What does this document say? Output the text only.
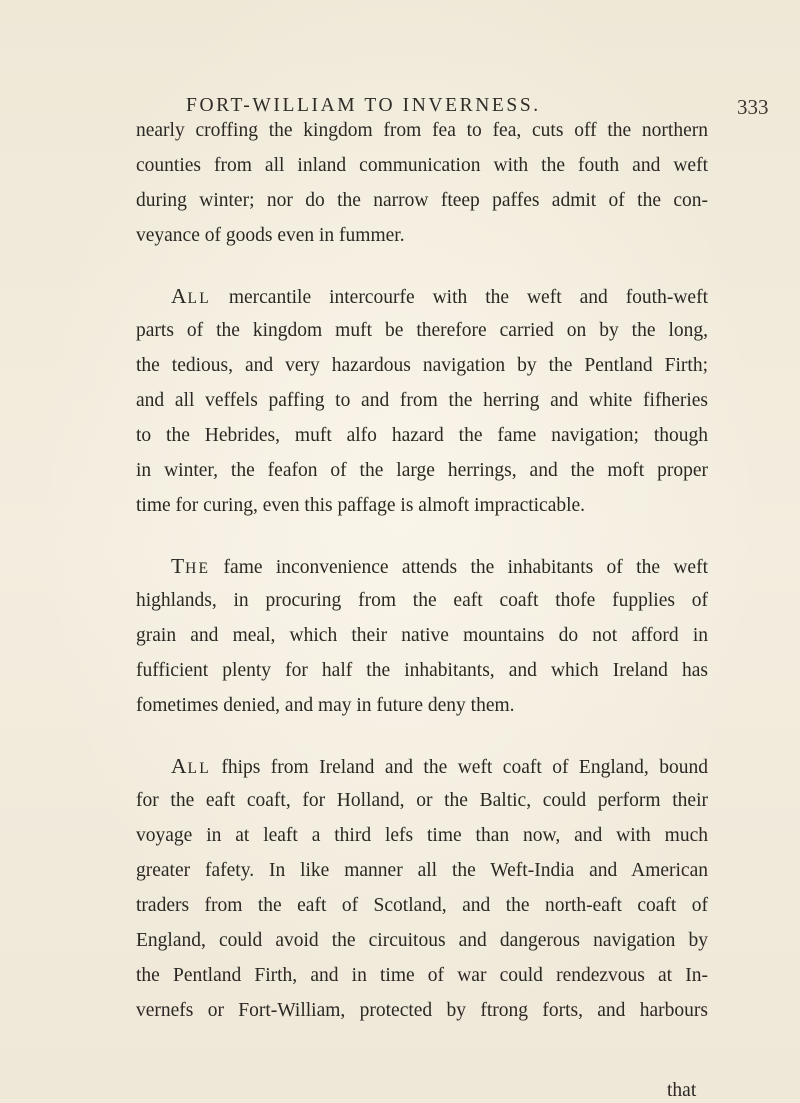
FORT-WILLIAM TO INVERNESS.	333
nearly croffing the kingdom from fea to fea, cuts off the northern
counties from all inland communication with the fouth and weft
during winter; nor do the narrow fteep paffes admit of the con-
veyance of goods even in fummer.
ALL mercantile intercourfe with the weft and fouth-weft
parts of the kingdom muft be therefore carried on by the long,
the tedious, and very hazardous navigation by the Pentland Firth;
and all veffels paffing to and from the herring and white fifheries
to the Hebrides, muft alfo hazard the fame navigation; though
in winter, the feafon of the large herrings, and the moft proper
time for curing, even this paffage is almoft impracticable.
THE fame inconvenience attends the inhabitants of the weft
highlands, in procuring from the eaft coaft thofe fupplies of
grain and meal, which their native mountains do not afford in
fufficient plenty for half the inhabitants, and which Ireland has
fometimes denied, and may in future deny them.
ALL fhips from Ireland and the weft coaft of England, bound
for the eaft coaft, for Holland, or the Baltic, could perform their
voyage in at leaft a third lefs time than now, and with much
greater fafety. In like manner all the Weft-India and American
traders from the eaft of Scotland, and the north-eaft coaft of
England, could avoid the circuitous and dangerous navigation by
the Pentland Firth, and in time of war could rendezvous at In-
vernefs or Fort-William, protected by ftrong forts, and harbours
that
